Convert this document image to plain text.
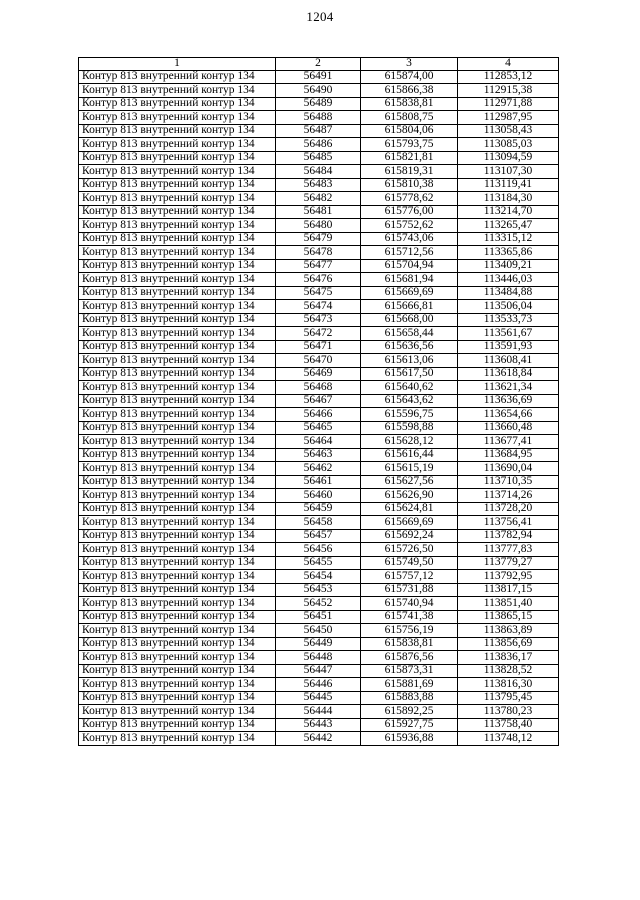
1204
1	2	3	4
Контур 813 внутренний контур 134	56491	615874,00	112853,12
Контур 813 внутренний контур 134	56490	615866,38	112915,38
Контур 813 внутренний контур 134	56489	615838,81	112971,88
Контур 813 внутренний контур 134	56488	615808,75	112987,95
Контур 813 внутренний контур 134	56487	615804,06	113058,43
Контур 813 внутренний контур 134	56486	615793,75	113085,03
Контур 813 внутренний контур 134	56485	615821,81	113094,59
Контур 813 внутренний контур 134	56484	615819,31	113107,30
Контур 813 внутренний контур 134	56483	615810,38	113119,41
Контур 813 внутренний контур 134	56482	615778,62	113184,30
Контур 813 внутренний контур 134	56481	615776,00	113214,70
Контур 813 внутренний контур 134	56480	615752,62	113265,47
Контур 813 внутренний контур 134	56479	615743,06	113315,12
Контур 813 внутренний контур 134	56478	615712,56	113365,86
Контур 813 внутренний контур 134	56477	615704,94	113409,21
Контур 813 внутренний контур 134	56476	615681,94	113446,03
Контур 813 внутренний контур 134	56475	615669,69	113484,88
Контур 813 внутренний контур 134	56474	615666,81	113506,04
Контур 813 внутренний контур 134	56473	615668,00	113533,73
Контур 813 внутренний контур 134	56472	615658,44	113561,67
Контур 813 внутренний контур 134	56471	615636,56	113591,93
Контур 813 внутренний контур 134	56470	615613,06	113608,41
Контур 813 внутренний контур 134	56469	615617,50	113618,84
Контур 813 внутренний контур 134	56468	615640,62	113621,34
Контур 813 внутренний контур 134	56467	615643,62	113636,69
Контур 813 внутренний контур 134	56466	615596,75	113654,66
Контур 813 внутренний контур 134	56465	615598,88	113660,48
Контур 813 внутренний контур 134	56464	615628,12	113677,41
Контур 813 внутренний контур 134	56463	615616,44	113684,95
Контур 813 внутренний контур 134	56462	615615,19	113690,04
Контур 813 внутренний контур 134	56461	615627,56	113710,35
Контур 813 внутренний контур 134	56460	615626,90	113714,26
Контур 813 внутренний контур 134	56459	615624,81	113728,20
Контур 813 внутренний контур 134	56458	615669,69	113756,41
Контур 813 внутренний контур 134	56457	615692,24	113782,94
Контур 813 внутренний контур 134	56456	615726,50	113777,83
Контур 813 внутренний контур 134	56455	615749,50	113779,27
Контур 813 внутренний контур 134	56454	615757,12	113792,95
Контур 813 внутренний контур 134	56453	615731,88	113817,15
Контур 813 внутренний контур 134	56452	615740,94	113851,40
Контур 813 внутренний контур 134	56451	615741,38	113865,15
Контур 813 внутренний контур 134	56450	615756,19	113863,89
Контур 813 внутренний контур 134	56449	615838,81	113856,69
Контур 813 внутренний контур 134	56448	615876,56	113836,17
Контур 813 внутренний контур 134	56447	615873,31	113828,52
Контур 813 внутренний контур 134	56446	615881,69	113816,30
Контур 813 внутренний контур 134	56445	615883,88	113795,45
Контур 813 внутренний контур 134	56444	615892,25	113780,23
Контур 813 внутренний контур 134	56443	615927,75	113758,40
Контур 813 внутренний контур 134	56442	615936,88	113748,12
